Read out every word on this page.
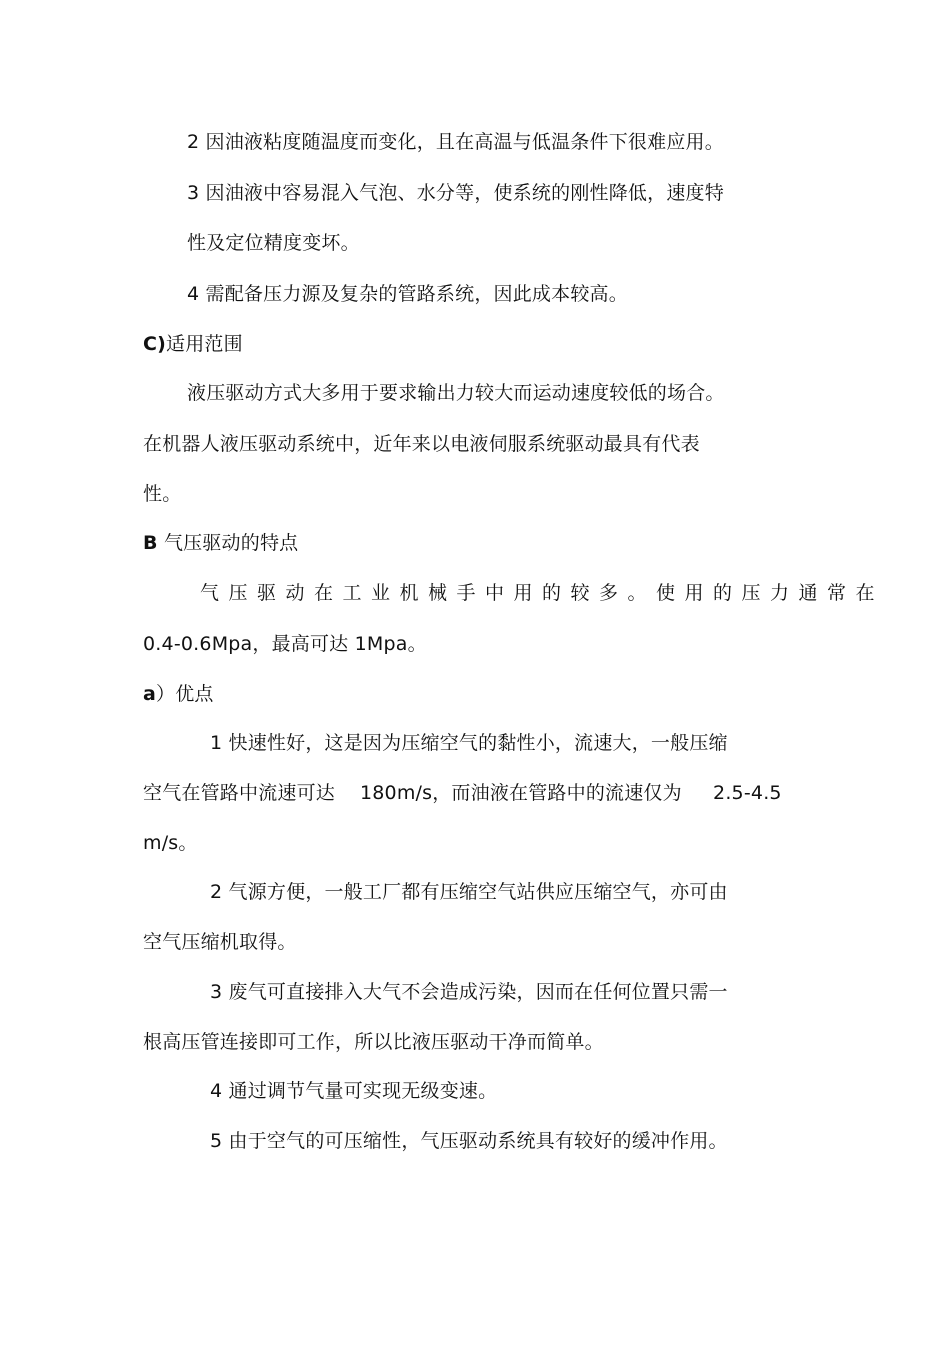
2 因油液粘度随温度而变化，且在高温与低温条件下很难应用。
3 因油液中容易混入气泡、水分等，使系统的刚性降低，速度特
性及定位精度变坏。
4 需配备压力源及复杂的管路系统，因此成本较高。
C)适用范围
液压驱动方式大多用于要求输出力较大而运动速度较低的场合。
在机器人液压驱动系统中，近年来以电液伺服系统驱动最具有代表
性。
B 气压驱动的特点
气压驱动在工业机械手中用的较多。使用的压力通常在
0.4-0.6Mpa，最高可达 1Mpa。
a）优点
1 快速性好，这是因为压缩空气的黏性小，流速大，一般压缩
空气在管路中流速可达    180m/s，而油液在管路中的流速仅为     2.5-4.5
m/s。
2 气源方便，一般工厂都有压缩空气站供应压缩空气，亦可由
空气压缩机取得。
3 废气可直接排入大气不会造成污染，因而在任何位置只需一
根高压管连接即可工作，所以比液压驱动干净而简单。
4 通过调节气量可实现无级变速。
5 由于空气的可压缩性，气压驱动系统具有较好的缓冲作用。
